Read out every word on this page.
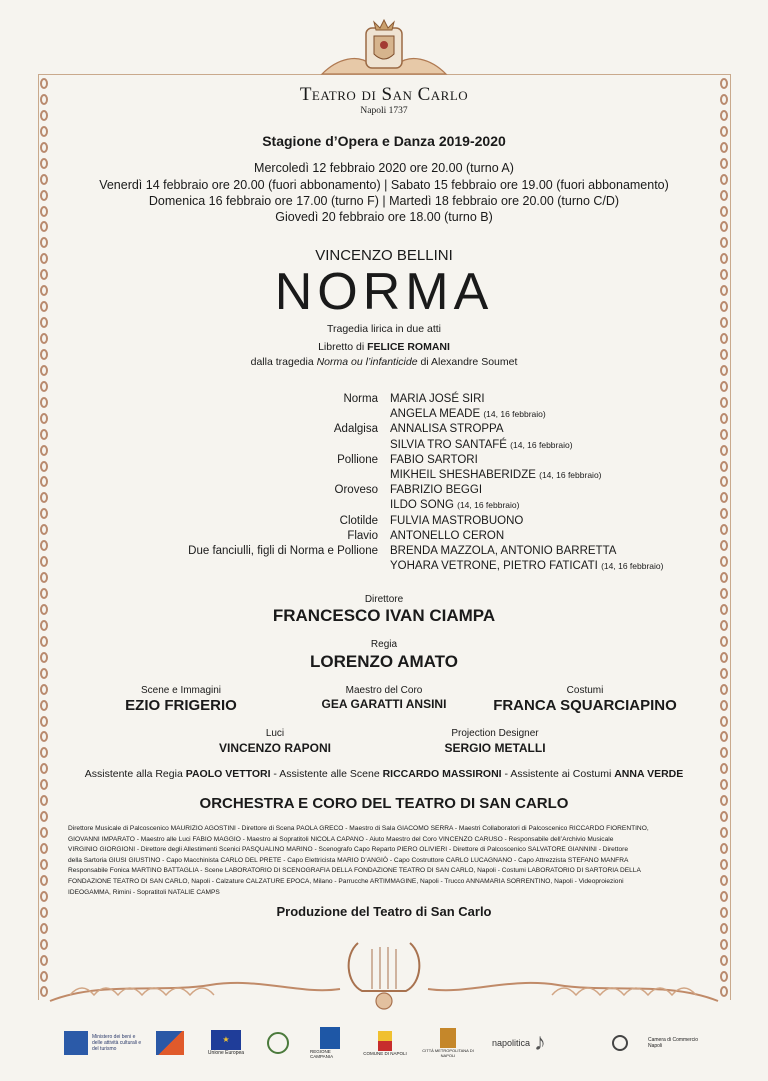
Teatro di San Carlo
Napoli 1737
Stagione d’Opera e Danza 2019-2020
Mercoledì 12 febbraio 2020 ore 20.00 (turno A)
Venerdì 14 febbraio ore 20.00 (fuori abbonamento) | Sabato 15 febbraio ore 19.00 (fuori abbonamento)
Domenica 16 febbraio ore 17.00 (turno F) | Martedì 18 febbraio ore 20.00 (turno C/D)
Giovedì 20 febbraio ore 18.00 (turno B)
VINCENZO BELLINI
NORMA
Tragedia lirica in due atti
Libretto di FELICE ROMANI
dalla tragedia Norma ou l’infanticide di Alexandre Soumet
Norma MARIA JOSÉ SIRI
ANGELA MEADE (14, 16 febbraio)
Adalgisa ANNALISA STROPPA
SILVIA TRO SANTAFÉ (14, 16 febbraio)
Pollione FABIO SARTORI
MIKHEIL SHESHABERIDZE (14, 16 febbraio)
Oroveso FABRIZIO BEGGI
ILDO SONG (14, 16 febbraio)
Clotilde FULVIA MASTROBUONO
Flavio ANTONELLO CERON
Due fanciulli, figli di Norma e Pollione BRENDA MAZZOLA, ANTONIO BARRETTA
YOHARA VETRONE, PIETRO FATICATI (14, 16 febbraio)
Direttore
FRANCESCO IVAN CIAMPA
Regia
LORENZO AMATO
Scene e Immagini
EZIO FRIGERIO
Maestro del Coro
GEA GARATTI ANSINI
Costumi
FRANCA SQUARCIAPINO
Luci
VINCENZO RAPONI
Projection Designer
SERGIO METALLI
Assistente alla Regia PAOLO VETTORI - Assistente alle Scene RICCARDO MASSIRONI - Assistente ai Costumi ANNA VERDE
ORCHESTRA E CORO DEL TEATRO DI SAN CARLO
Direttore Musicale di Palcoscenico MAURIZIO AGOSTINI - Direttore di Scena PAOLA GRECO - Maestro di Sala GIACOMO SERRA - Maestri Collaboratori di Palcoscenico RICCARDO FIORENTINO,
GIOVANNI IMPARATO - Maestro alle Luci FABIO MAGGIO - Maestro ai Sopratitoli NICOLA CAPANO - Aiuto Maestro del Coro VINCENZO CARUSO - Responsabile dell’Archivio Musicale
VIRGINIO GIORGIONI - Direttore degli Allestimenti Scenici PASQUALINO MARINO - Scenografo Capo Reparto PIERO OLIVIERI - Direttore di Palcoscenico SALVATORE GIANNINI - Direttore
della Sartoria GIUSI GIUSTINO - Capo Macchinista CARLO DEL PRETE - Capo Elettricista MARIO D’ANGIÒ - Capo Costruttore CARLO LUCAGNANO - Capo Attrezzista STEFANO MANFRA
Responsabile Fonica MARTINO BATTAGLIA - Scene LABORATORIO DI SCENOGRAFIA DELLA FONDAZIONE TEATRO DI SAN CARLO, Napoli - Costumi LABORATORIO DI SARTORIA DELLA
FONDAZIONE TEATRO DI SAN CARLO, Napoli - Calzature CALZATURE EPOCA, Milano - Parrucche ARTIMMAGINE, Napoli - Trucco ANNAMARIA SORRENTINO, Napoli - Videoproiezioni
IDEOGAMMA, Rimini - Sopratitoli NATALIE CAMPS
Produzione del Teatro di San Carlo
Ministero dei beni e delle attività culturali e del turismo
★
Unione Europea	REGIONE CAMPANIA
COMUNE DI NAPOLI	CITTÀ METROPOLITANA DI NAPOLI
napolitica ♪	Camera di Commercio Napoli
